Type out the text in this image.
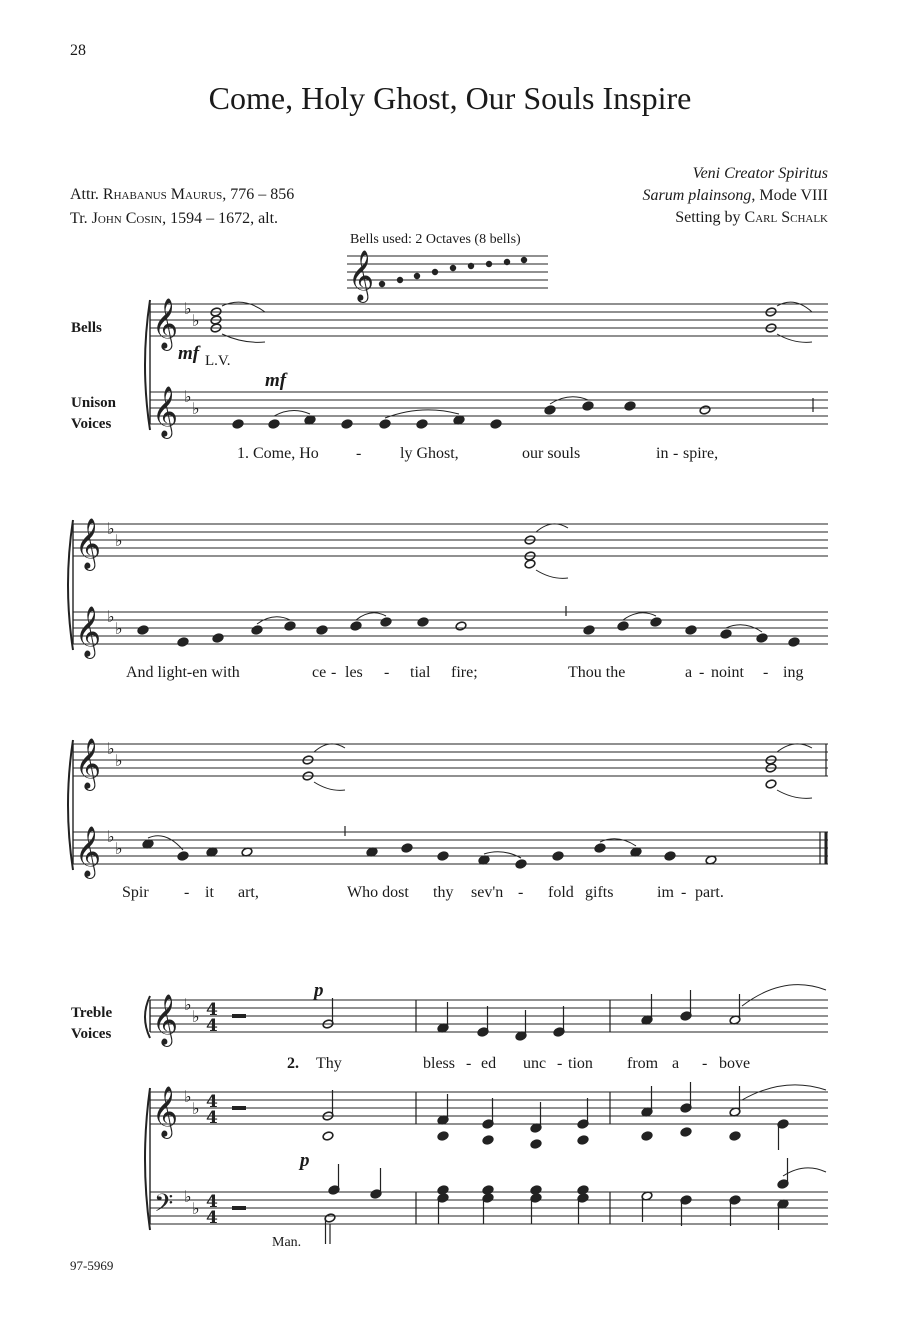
28
Come, Holy Ghost, Our Souls Inspire
Attr. Rhabanus Maurus, 776 – 856
Tr. John Cosin, 1594 – 1672, alt.
Veni Creator Spiritus
Sarum plainsong, Mode VIII
Setting by Carl Schalk
Bells used: 2 Octaves (8 bells)
Bells
Unison
Voices
Treble
Voices
mf L.V.
mf
p
p
1. Come, Ho - ly Ghost,	our souls	in - spire,
And light-en with	ce - les - tial fire;	Thou the	a - noint - ing
Spir - it art,	Who dost thy sev'n - fold gifts	im - part.
2. Thy	bless - ed unc - tion from a - bove
Man.
97-5969
𝄞
𝄞 ♭
♭
𝄞 ♭
♭
𝄞 ♭
♭
𝄞 ♭
♭
𝄞 ♭
♭
𝄞 ♭
♭
𝄞 ♭
♭ 4
4
𝄞 ♭
♭ 4
4
𝄢 ♭
♭ 4
4
